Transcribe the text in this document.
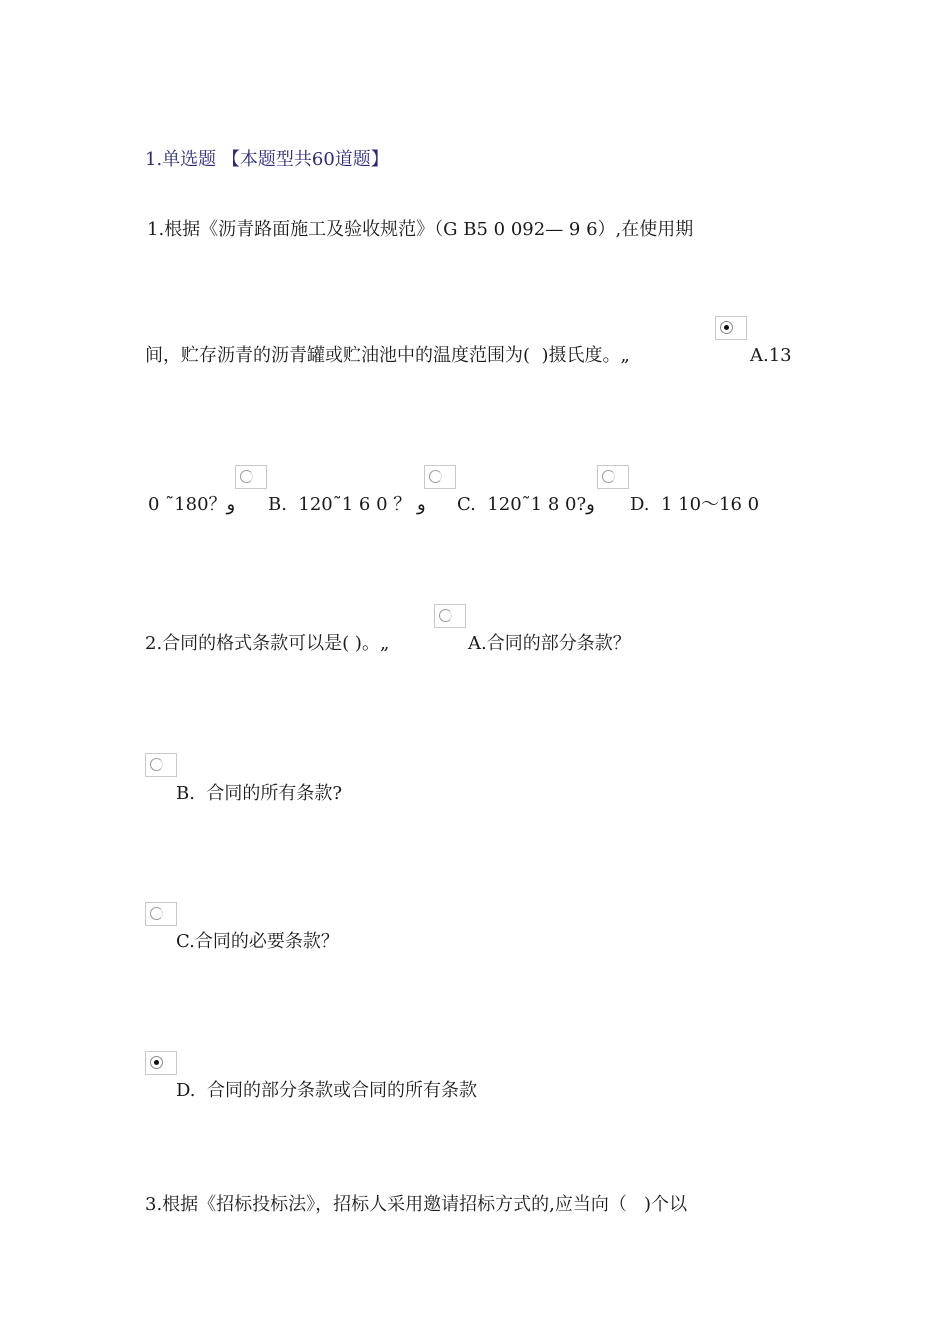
1.单选题 【本题型共60道题】
1.根据《沥青路面施工及验收规范》（G B5 0 092— 9 6）,在使用期
间，贮存沥青的沥青罐或贮油池中的温度范围为(  )摄氏度。„	A.13
0 ˜180？ﻭ B.  120˜1 6 0 ？ ﻭ C.  120˜1 8 0?ﻭ D.  1 10～16 0
2.合同的格式条款可以是( )。„	A.合同的部分条款？
B.  合同的所有条款?
C.合同的必要条款？
D.  合同的部分条款或合同的所有条款
3.根据《招标投标法》，招标人采用邀请招标方式的,应当向（   )个以
